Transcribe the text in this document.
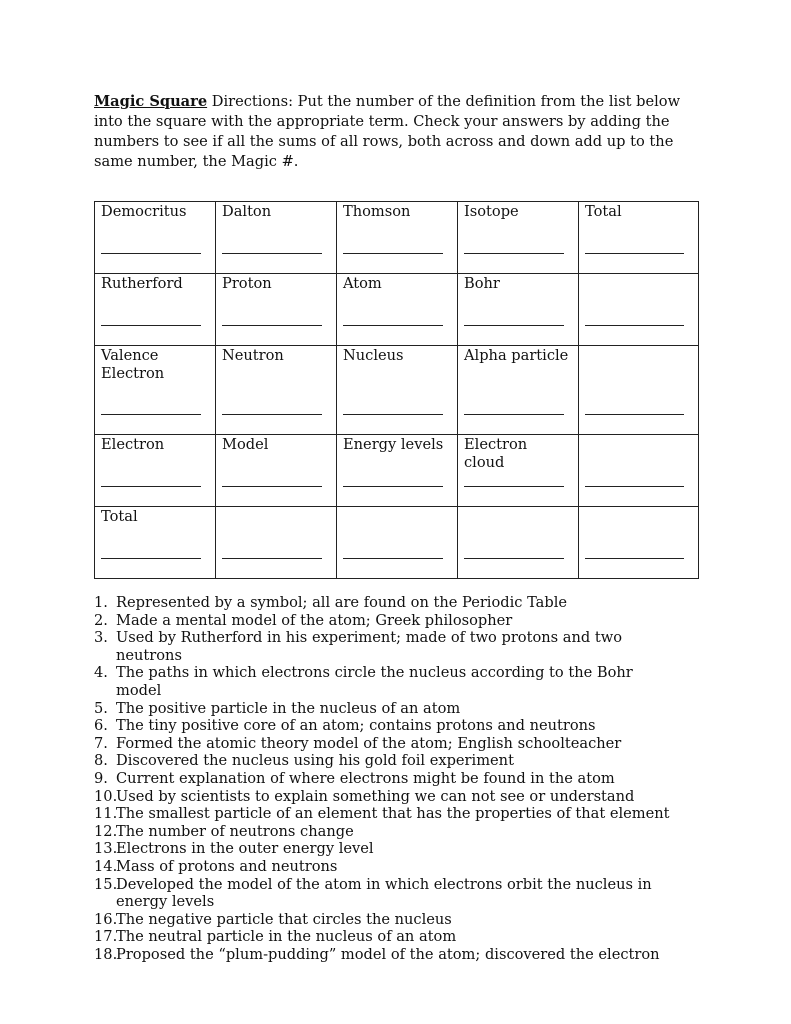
Magic Square Directions: Put the number of the definition from the list below into the square with the appropriate term. Check your answers by adding the numbers to see if all the sums of all rows, both across and down add up to the same number, the Magic #.

Democritus	Dalton	Thomson	Isotope	Total

Rutherford	Proton	Atom	Bohr	

Valence Electron	Neutron	Nucleus	Alpha particle	

Electron	Model	Energy levels	Electron cloud	

Total				

1. Represented by a symbol; all are found on the Periodic Table
2. Made a mental model of the atom; Greek philosopher
3. Used by Rutherford in his experiment; made of two protons and two neutrons
4. The paths in which electrons circle the nucleus according to the Bohr model
5. The positive particle in the nucleus of an atom
6. The tiny positive core of an atom; contains protons and neutrons
7. Formed the atomic theory model of the atom; English schoolteacher
8. Discovered the nucleus using his gold foil experiment
9. Current explanation of where electrons might be found in the atom
10.
Used by scientists to explain something we can not see or understand
11.
The smallest particle of an element that has the properties of that element
12.
The number of neutrons change
13.
Electrons in the outer energy level
14.
Mass of protons and neutrons
15.
Developed the model of the atom in which electrons orbit the nucleus in energy levels
16.
The negative particle that circles the nucleus
17.
The neutral particle in the nucleus of an atom
18.
Proposed the “plum-pudding” model of the atom; discovered the electron
